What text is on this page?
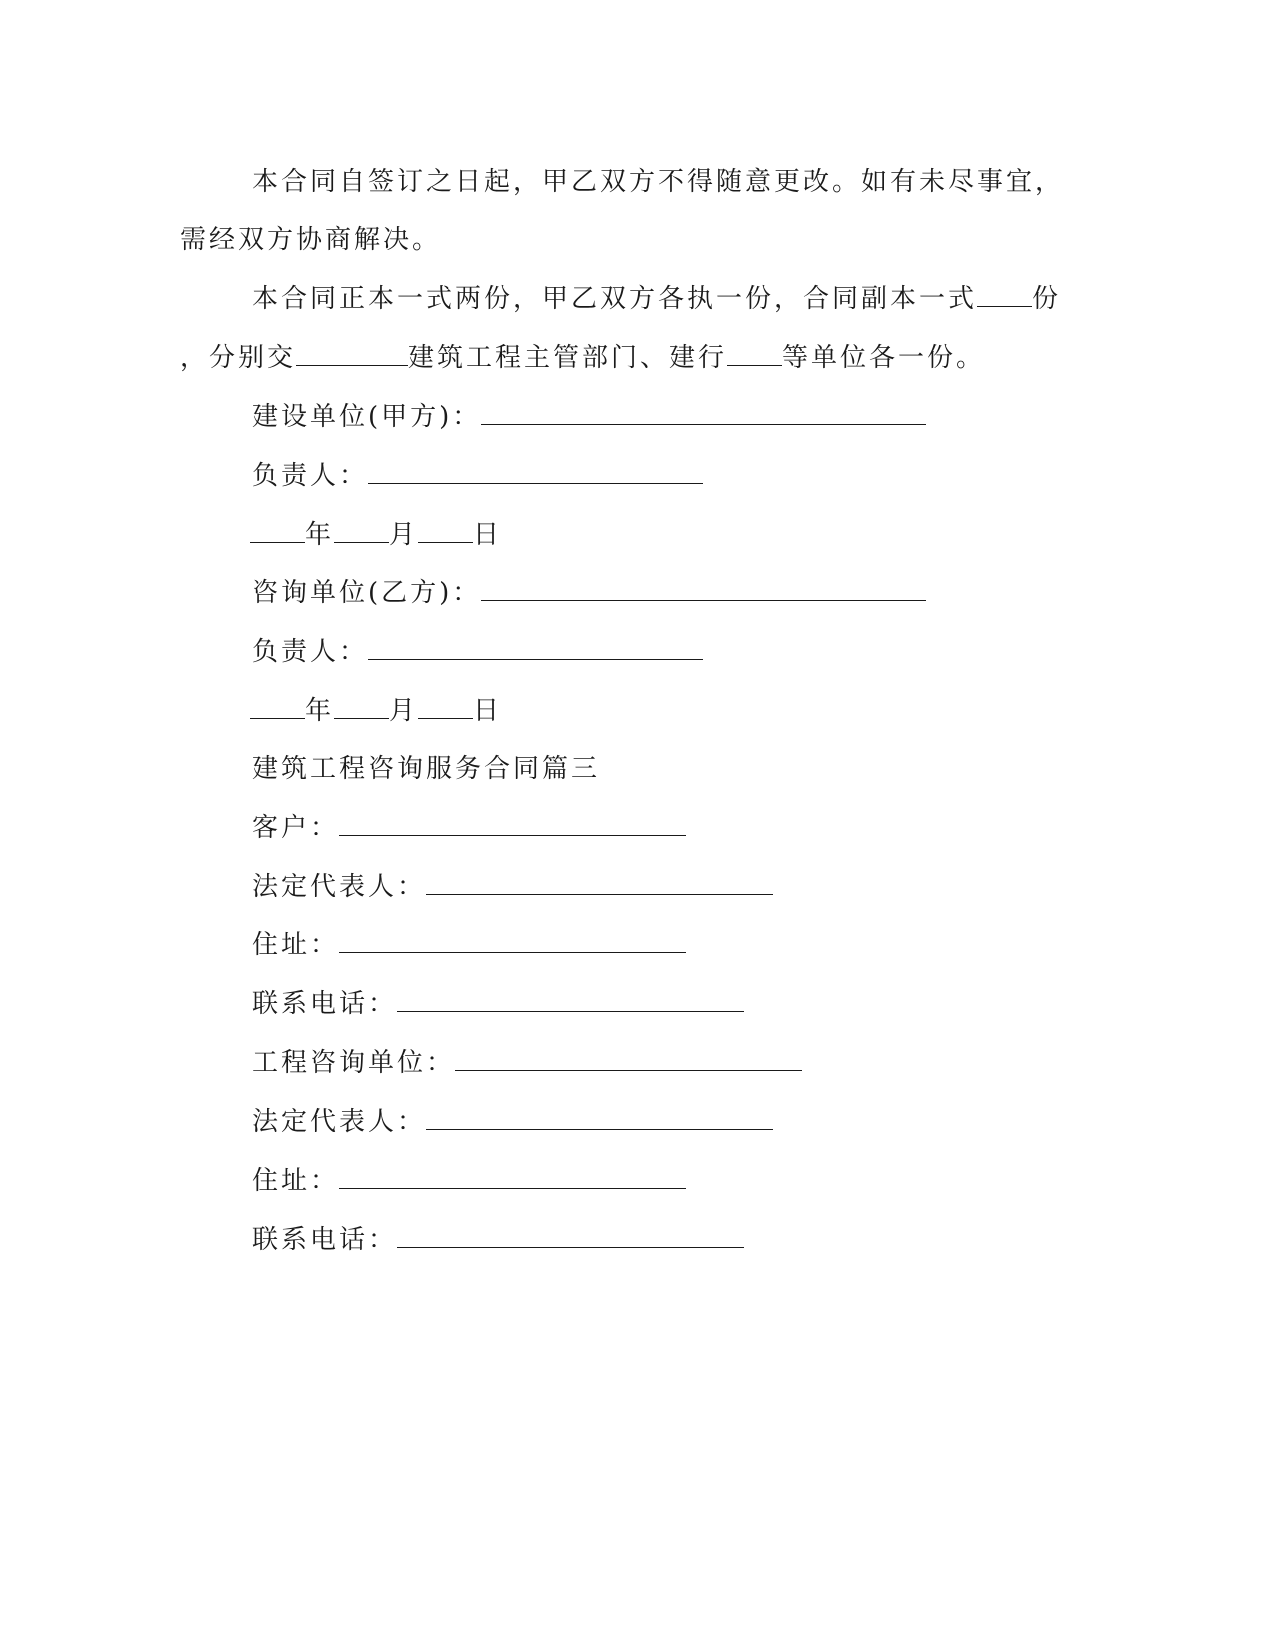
本合同自签订之日起，甲乙双方不得随意更改。如有未尽事宜，
需经双方协商解决。
本合同正本一式两份，甲乙双方各执一份，合同副本一式 份
，分别交	建筑工程主管部门、建行 等单位各一份。
建设单位(甲方)：
负责人：
年 月 日
咨询单位(乙方)：
负责人：
年 月 日
建筑工程咨询服务合同篇三
客户：
法定代表人：
住址：
联系电话：
工程咨询单位：
法定代表人：
住址：
联系电话：
